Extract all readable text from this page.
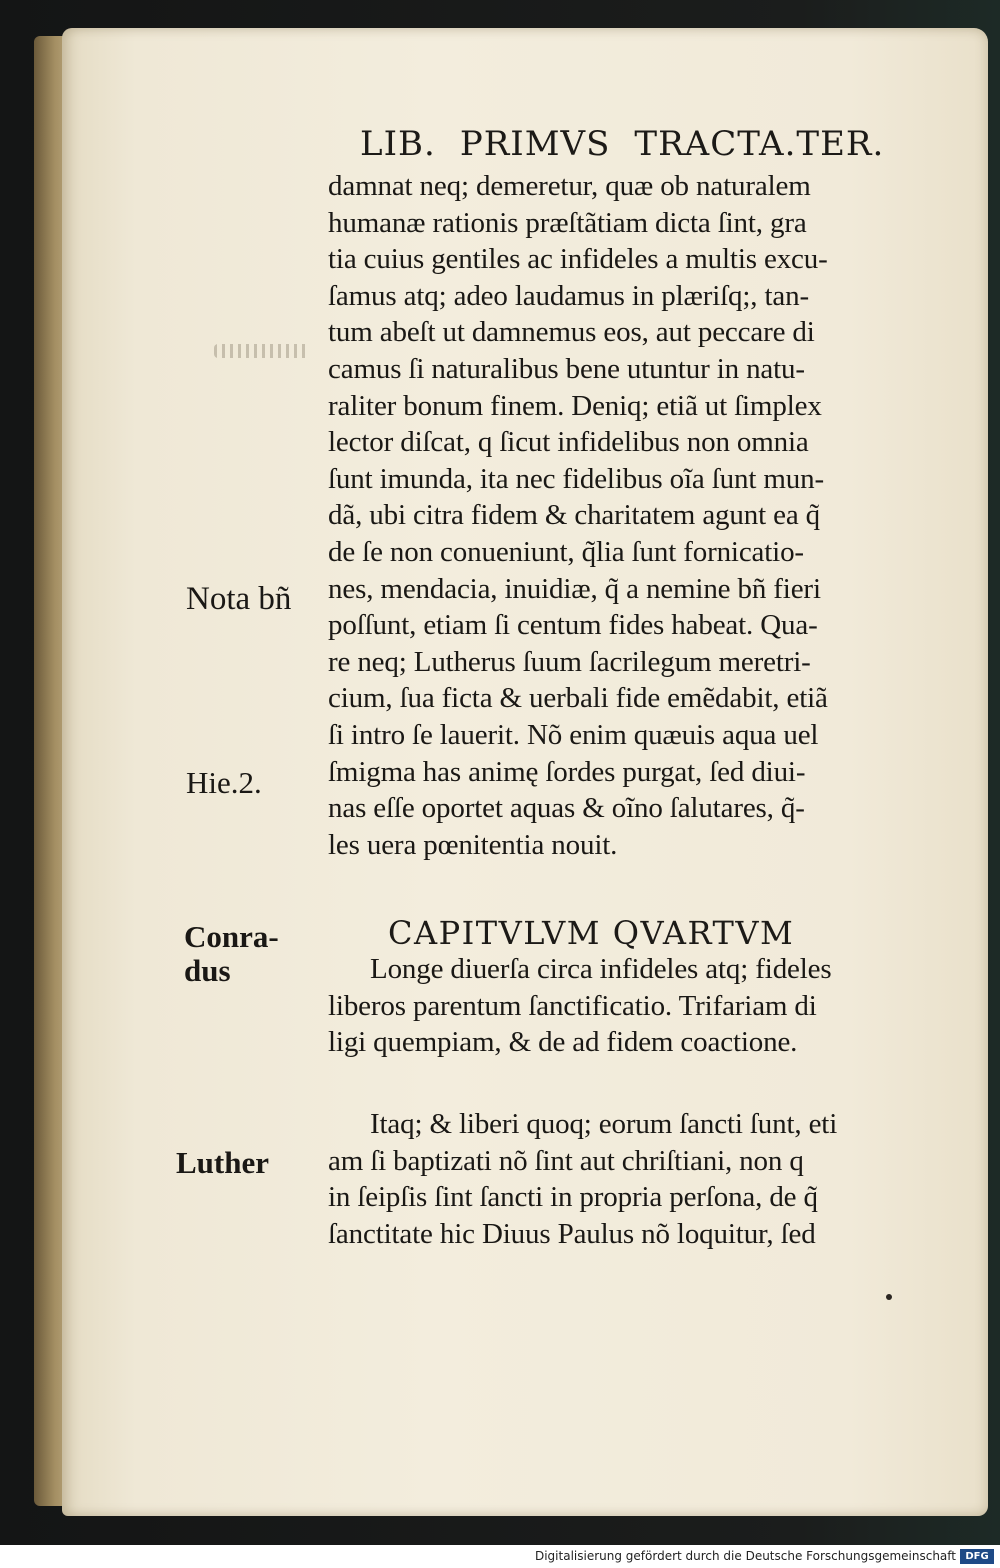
LIB. PRIMVS TRACTA.TER.
damnat neq; demeretur, quæ ob naturalem
humanæ rationis præſtãtiam dicta ſint, gra
tia cuius gentiles ac infideles a multis excu-
ſamus atq; adeo laudamus in plæriſq;, tan-
tum abeſt ut damnemus eos, aut peccare di
camus ſi naturalibus bene utuntur in natu-
raliter bonum finem. Deniq; etiã ut ſimplex
lector diſcat, q ſicut infidelibus non omnia
ſunt imunda, ita nec fidelibus oĩa ſunt mun-
dã, ubi citra fidem & charitatem agunt ea q̃
de ſe non conueniunt, q̃lia ſunt fornicatio-
nes, mendacia, inuidiæ, q̃ a nemine bñ fieri
poſſunt, etiam ſi centum fides habeat. Qua-
re neq; Lutherus ſuum ſacrilegum meretri-
cium, ſua ficta & uerbali fide emẽdabit, etiã
ſi intro ſe lauerit. Nõ enim quæuis aqua uel
ſmigma has animę ſordes purgat, ſed diui-
nas eſſe oportet aquas & oĩno ſalutares, q̃-
les uera pœnitentia nouit.
CAPITVLVM QVARTVM
Longe diuerſa circa infideles atq; fideles
liberos parentum ſanctificatio. Trifariam di
ligi quempiam, & de ad fidem coactione.
Itaq; & liberi quoq; eorum ſancti ſunt, eti
am ſi baptizati nõ ſint aut chriſtiani, non q
in ſeipſis ſint ſancti in propria perſona, de q̃
ſanctitate hic Diuus Paulus nõ loquitur, ſed
Nota bñ
Hie.2.
Conra- dus
Luther
Digitalisierung gefördert durch die Deutsche Forschungsgemeinschaft DFG
